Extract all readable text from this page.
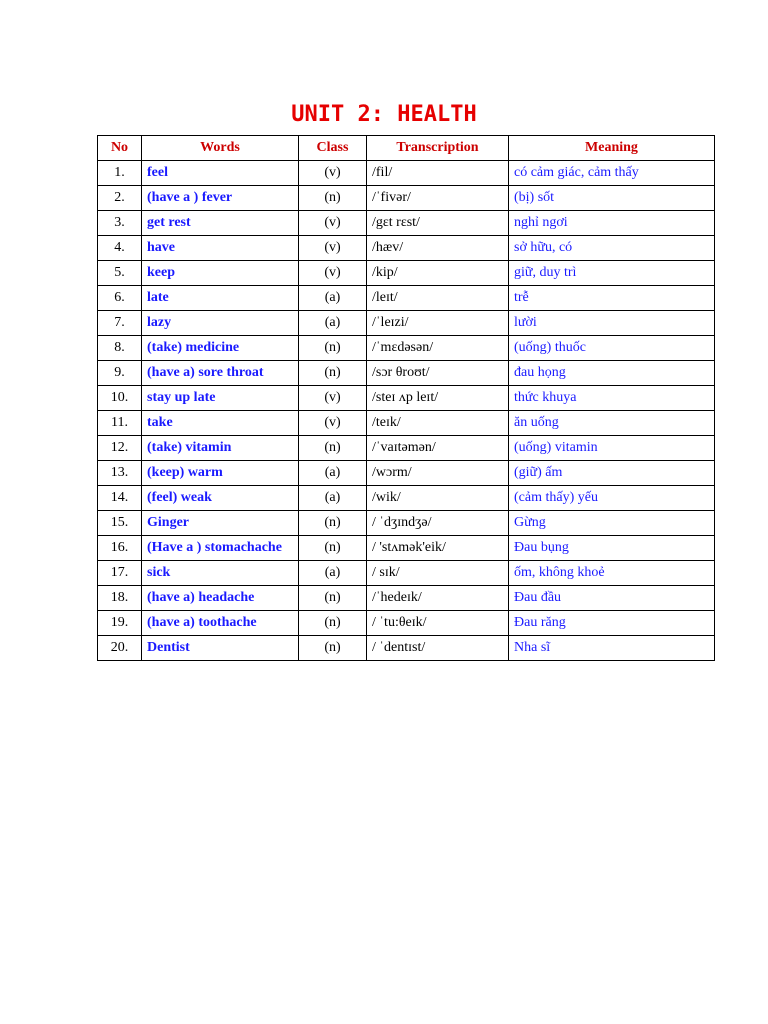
UNIT 2: HEALTH
No	Words	Class	Transcription	Meaning
1.	feel	(v)	/fil/	có cảm giác, cảm thấy
2.	(have a ) fever	(n)	/ˈfivər/	(bị) sốt
3.	get rest	(v)	/gɛt rɛst/	nghỉ ngơi
4.	have	(v)	/hæv/	sở hữu, có
5.	keep	(v)	/kip/	giữ, duy trì
6.	late	(a)	/leɪt/	trễ
7.	lazy	(a)	/ˈleɪzi/	lười
8.	(take) medicine	(n)	/ˈmɛdəsən/	(uống) thuốc
9.	(have a) sore throat	(n)	/sɔr θroʊt/	đau họng
10.	stay up late	(v)	/steɪ ʌp leɪt/	thức khuya
11.	take	(v)	/teɪk/	ăn uống
12.	(take) vitamin	(n)	/ˈvaɪtəmən/	(uống) vitamin
13.	(keep) warm	(a)	/wɔrm/	(giữ) ấm
14.	(feel) weak	(a)	/wik/	(cảm thấy) yếu
15.	Ginger	(n)	/ ˈdʒɪndʒə/	Gừng
16.	(Have a ) stomachache	(n)	/ 'stʌmək'eik/	Đau bụng
17.	sick	(a)	/ sɪk/	ốm, không khoẻ
18.	(have a) headache	(n)	/ˈhedeɪk/	Đau đầu
19.	(have a) toothache	(n)	/ ˈtu:θeɪk/	Đau răng
20.	Dentist	(n)	/ ˈdentɪst/	Nha sĩ
